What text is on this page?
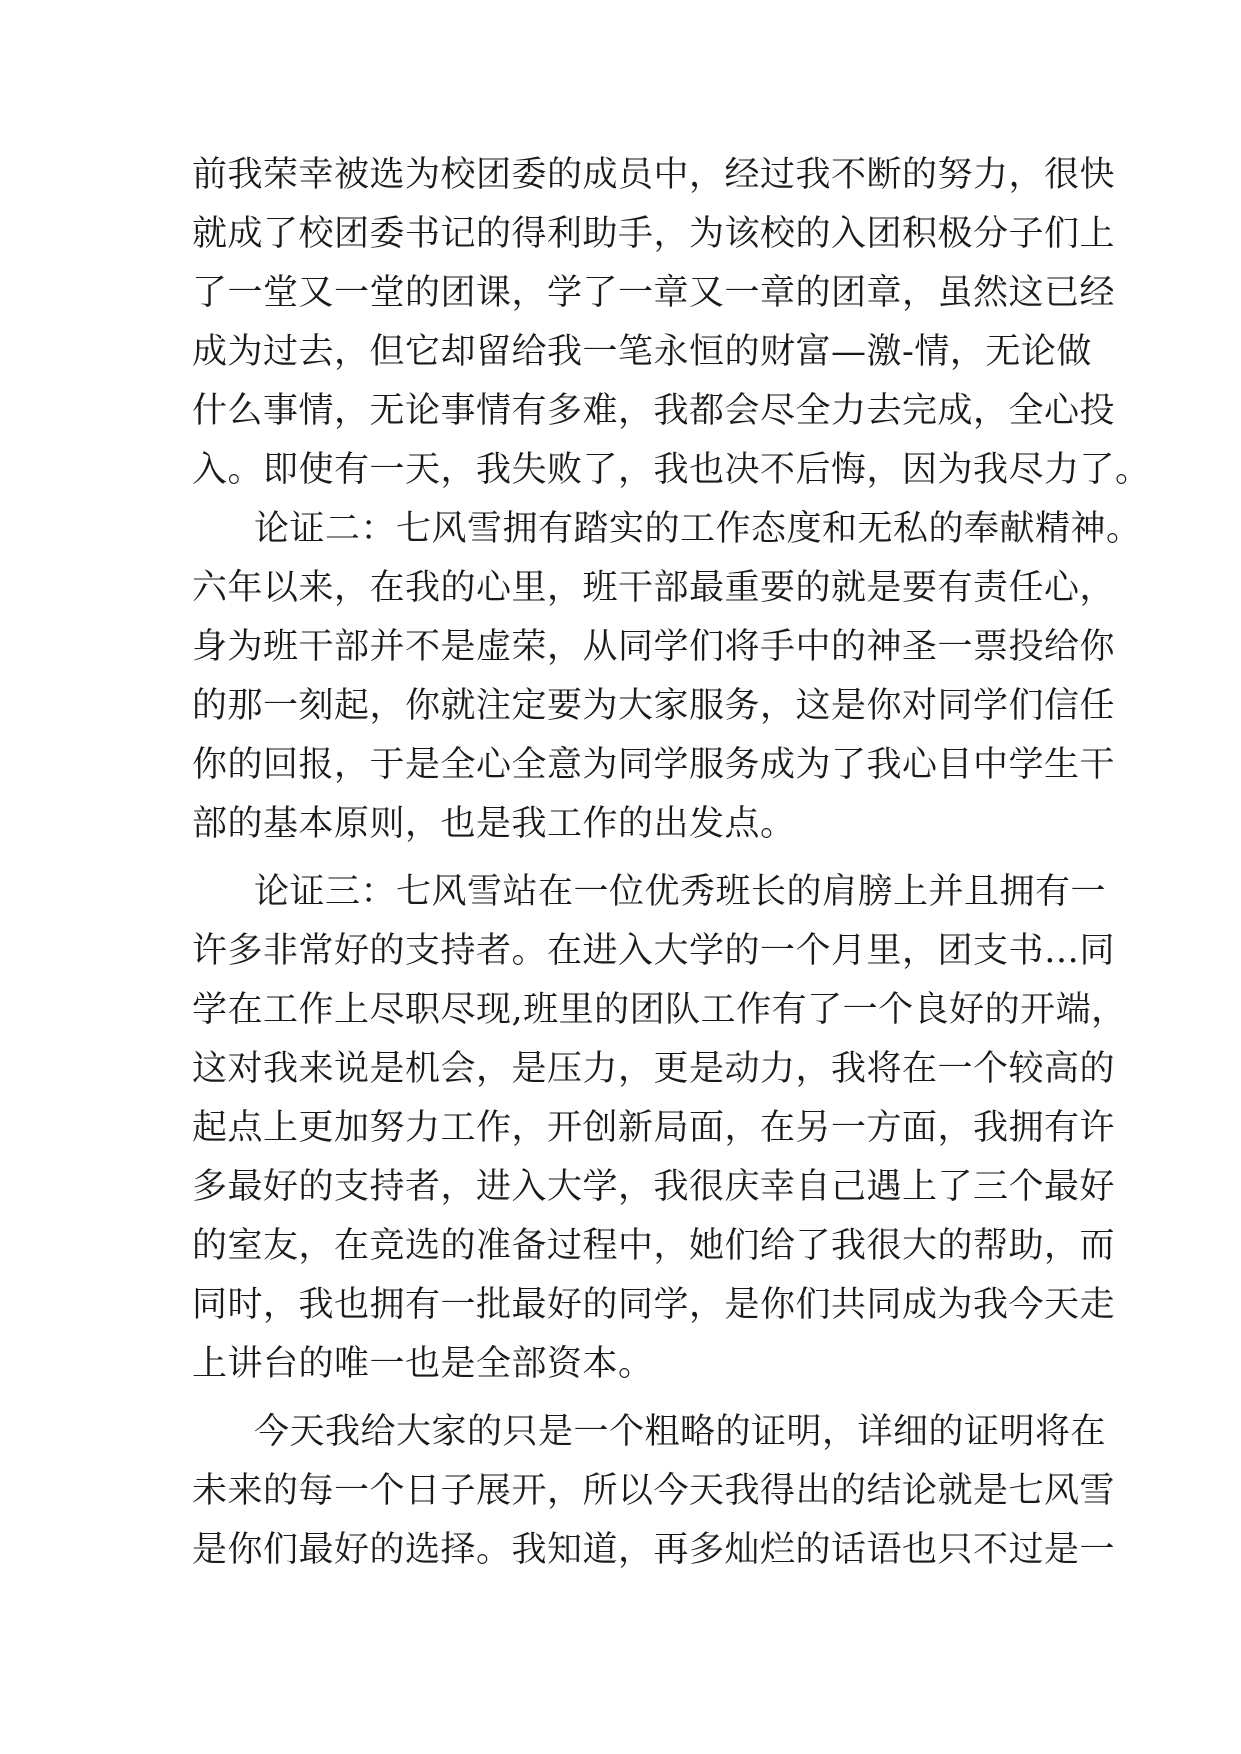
前我荣幸被选为校团委的成员中，经过我不断的努力，很快
就成了校团委书记的得利助手，为该校的入团积极分子们上
了一堂又一堂的团课，学了一章又一章的团章，虽然这已经
成为过去，但它却留给我一笔永恒的财富—激-情，无论做
什么事情，无论事情有多难，我都会尽全力去完成，全心投
入。即使有一天，我失败了，我也决不后悔，因为我尽力了。
论证二：七风雪拥有踏实的工作态度和无私的奉献精神。
六年以来，在我的心里，班干部最重要的就是要有责任心，
身为班干部并不是虚荣，从同学们将手中的神圣一票投给你
的那一刻起，你就注定要为大家服务，这是你对同学们信任
你的回报，于是全心全意为同学服务成为了我心目中学生干
部的基本原则，也是我工作的出发点。
论证三：七风雪站在一位优秀班长的肩膀上并且拥有一
许多非常好的支持者。在进入大学的一个月里，团支书…同
学在工作上尽职尽现,班里的团队工作有了一个良好的开端，
这对我来说是机会，是压力，更是动力，我将在一个较高的
起点上更加努力工作，开创新局面，在另一方面，我拥有许
多最好的支持者，进入大学，我很庆幸自己遇上了三个最好
的室友，在竞选的准备过程中，她们给了我很大的帮助，而
同时，我也拥有一批最好的同学，是你们共同成为我今天走
上讲台的唯一也是全部资本。
今天我给大家的只是一个粗略的证明，详细的证明将在
未来的每一个日子展开，所以今天我得出的结论就是七风雪
是你们最好的选择。我知道，再多灿烂的话语也只不过是一
